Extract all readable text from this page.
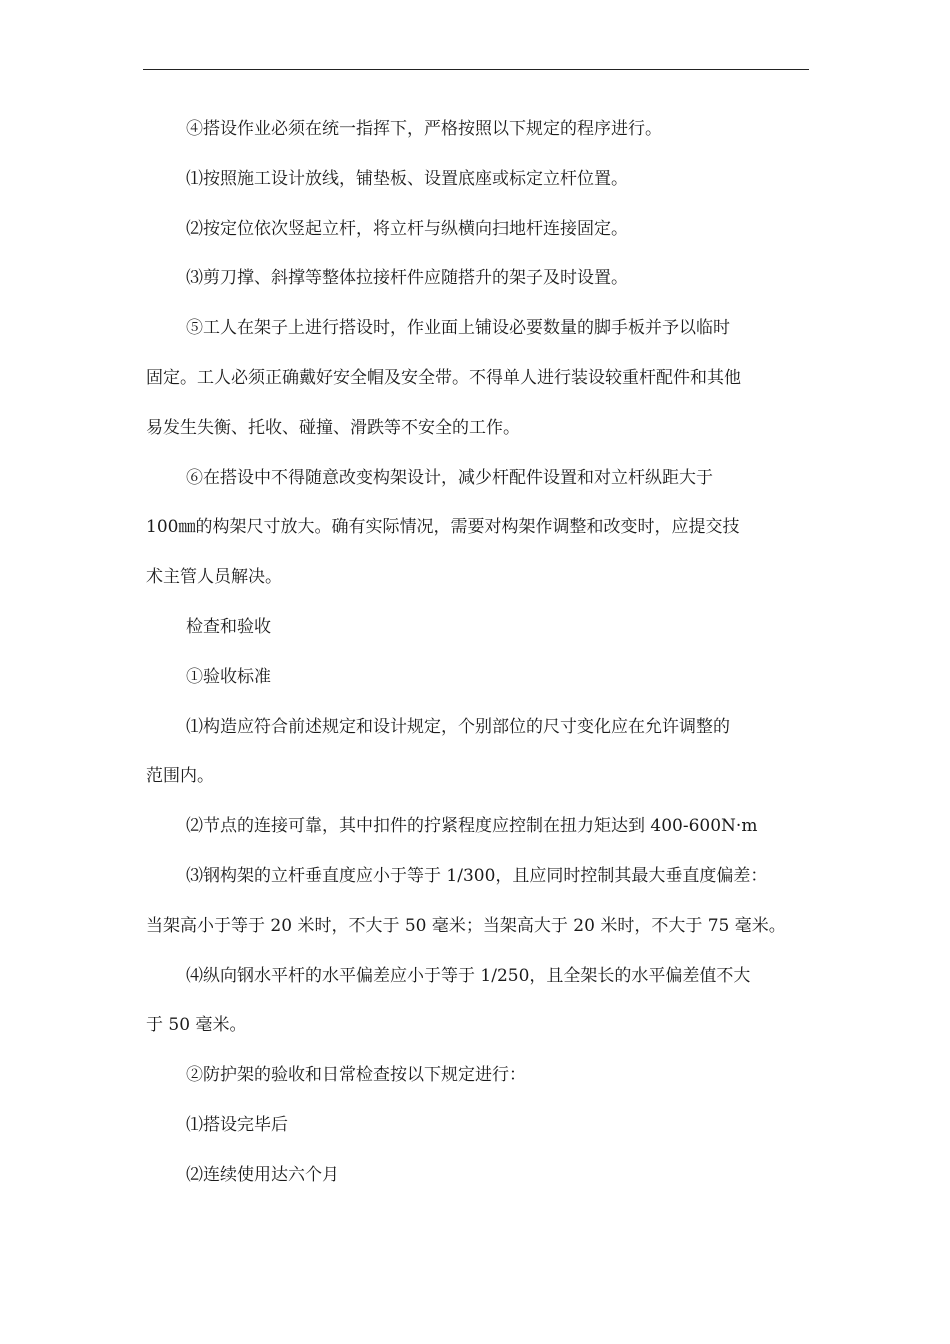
④搭设作业必须在统一指挥下，严格按照以下规定的程序进行。

⑴按照施工设计放线，铺垫板、设置底座或标定立杆位置。

⑵按定位依次竖起立杆，将立杆与纵横向扫地杆连接固定。

⑶剪刀撑、斜撑等整体拉接杆件应随搭升的架子及时设置。

⑤工人在架子上进行搭设时，作业面上铺设必要数量的脚手板并予以临时

固定。工人必须正确戴好安全帽及安全带。不得单人进行装设较重杆配件和其他

易发生失衡、托收、碰撞、滑跌等不安全的工作。

⑥在搭设中不得随意改变构架设计，减少杆配件设置和对立杆纵距大于

100㎜的构架尺寸放大。确有实际情况，需要对构架作调整和改变时，应提交技

术主管人员解决。

检查和验收

①验收标准

⑴构造应符合前述规定和设计规定，个别部位的尺寸变化应在允许调整的

范围内。

⑵节点的连接可靠，其中扣件的拧紧程度应控制在扭力矩达到 400-600N·m

⑶钢构架的立杆垂直度应小于等于 1/300，且应同时控制其最大垂直度偏差：

当架高小于等于 20 米时，不大于 50 毫米；当架高大于 20 米时，不大于 75 毫米。

⑷纵向钢水平杆的水平偏差应小于等于 1/250，且全架长的水平偏差值不大

于 50 毫米。

②防护架的验收和日常检查按以下规定进行：

⑴搭设完毕后

⑵连续使用达六个月
